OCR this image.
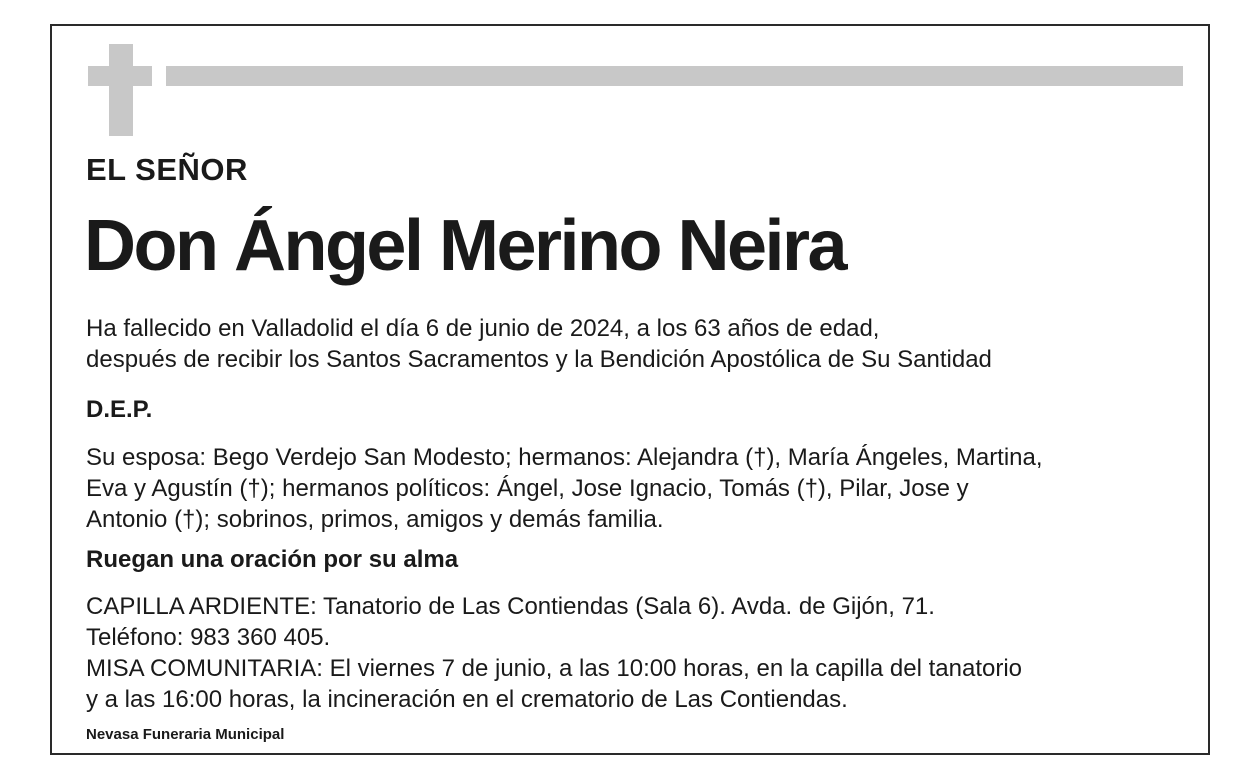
EL SEÑOR
Don Ángel Merino Neira
Ha fallecido en Valladolid el día 6 de junio de 2024, a los 63 años de edad,
después de recibir los Santos Sacramentos y la Bendición Apostólica de Su Santidad
D.E.P.
Su esposa: Bego Verdejo San Modesto; hermanos: Alejandra (†), María Ángeles, Martina,
Eva y Agustín (†); hermanos políticos: Ángel, Jose Ignacio, Tomás (†), Pilar, Jose y
Antonio (†); sobrinos, primos, amigos y demás familia.
Ruegan una oración por su alma
CAPILLA ARDIENTE: Tanatorio de Las Contiendas (Sala 6). Avda. de Gijón, 71.
Teléfono: 983 360 405.
MISA COMUNITARIA: El viernes 7 de junio, a las 10:00 horas, en la capilla del tanatorio
y a las 16:00 horas, la incineración en el crematorio de Las Contiendas.
Nevasa Funeraria Municipal
